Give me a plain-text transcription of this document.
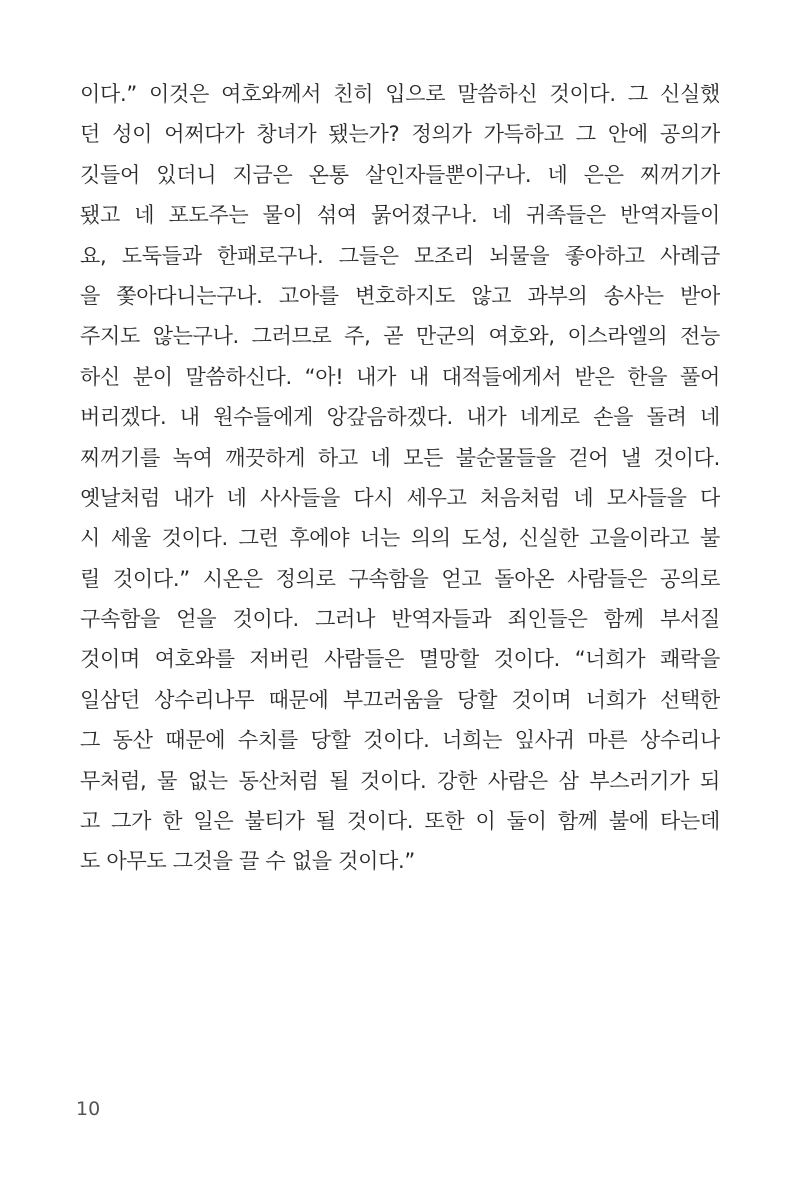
이다.” 이것은 여호와께서 친히 입으로 말씀하신 것이다. 그 신실했
던 성이 어쩌다가 창녀가 됐는가? 정의가 가득하고 그 안에 공의가
깃들어 있더니 지금은 온통 살인자들뿐이구나. 네 은은 찌꺼기가
됐고 네 포도주는 물이 섞여 묽어졌구나. 네 귀족들은 반역자들이
요, 도둑들과 한패로구나. 그들은 모조리 뇌물을 좋아하고 사례금
을 쫓아다니는구나. 고아를 변호하지도 않고 과부의 송사는 받아
주지도 않는구나. 그러므로 주, 곧 만군의 여호와, 이스라엘의 전능
하신 분이 말씀하신다. “아! 내가 내 대적들에게서 받은 한을 풀어
버리겠다. 내 원수들에게 앙갚음하겠다. 내가 네게로 손을 돌려 네
찌꺼기를 녹여 깨끗하게 하고 네 모든 불순물들을 걷어 낼 것이다.
옛날처럼 내가 네 사사들을 다시 세우고 처음처럼 네 모사들을 다
시 세울 것이다. 그런 후에야 너는 의의 도성, 신실한 고을이라고 불
릴 것이다.” 시온은 정의로 구속함을 얻고 돌아온 사람들은 공의로
구속함을 얻을 것이다. 그러나 반역자들과 죄인들은 함께 부서질
것이며 여호와를 저버린 사람들은 멸망할 것이다. “너희가 쾌락을
일삼던 상수리나무 때문에 부끄러움을 당할 것이며 너희가 선택한
그 동산 때문에 수치를 당할 것이다. 너희는 잎사귀 마른 상수리나
무처럼, 물 없는 동산처럼 될 것이다. 강한 사람은 삼 부스러기가 되
고 그가 한 일은 불티가 될 것이다. 또한 이 둘이 함께 불에 타는데
도 아무도 그것을 끌 수 없을 것이다.”
10
